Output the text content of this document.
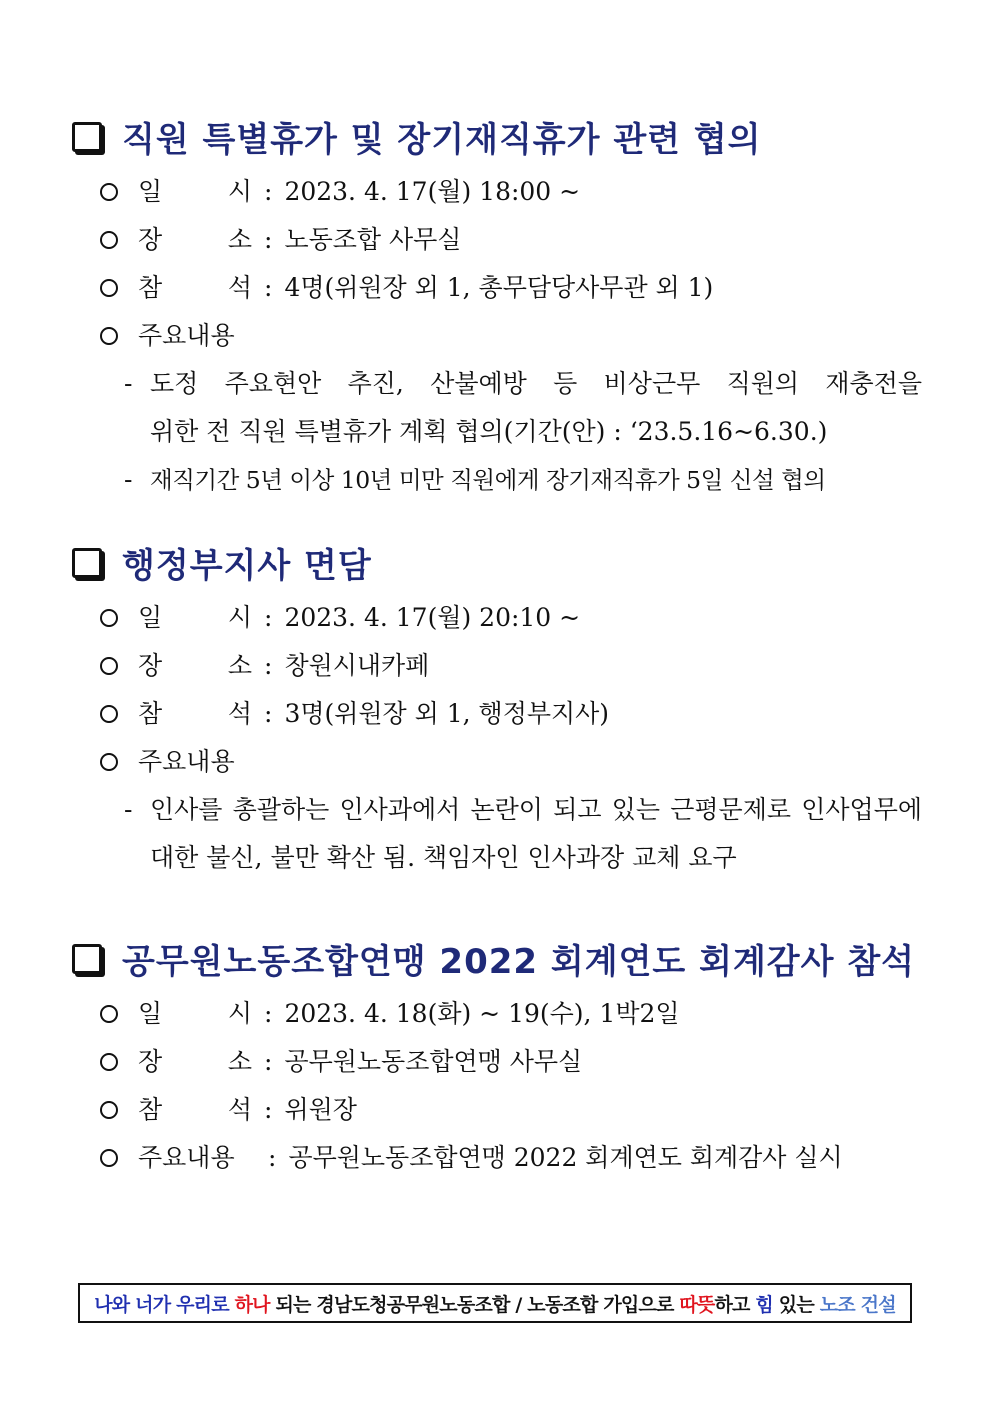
직원 특별휴가 및 장기재직휴가 관련 협의
일	시 : 2023. 4. 17(월) 18:00 ~
장	소 : 노동조합 사무실
참	석 : 4명(위원장 외 1, 총무담당사무관 외 1)
주요내용
- 도정 주요현안 추진, 산불예방 등 비상근무 직원의 재충전을
위한 전 직원 특별휴가 계획 협의(기간(안) : ‘23.5.16~6.30.)
- 재직기간 5년 이상 10년 미만 직원에게 장기재직휴가 5일 신설 협의
행정부지사 면담
일	시 : 2023. 4. 17(월) 20:10 ~
장	소 : 창원시내카페
참	석 : 3명(위원장 외 1, 행정부지사)
주요내용
- 인사를 총괄하는 인사과에서 논란이 되고 있는 근평문제로 인사업무에
대한 불신, 불만 확산 됨. 책임자인 인사과장 교체 요구
공무원노동조합연맹 2022 회계연도 회계감사 참석
일	시 : 2023. 4. 18(화) ~ 19(수), 1박2일
장	소 : 공무원노동조합연맹 사무실
참	석 : 위원장
주요내용	: 공무원노동조합연맹 2022 회계연도 회계감사 실시
나와 너가 우리로 하나 되는 경남도청공무원노동조합 / 노동조합 가입으로 따뜻 하고 힘 있는 노조 건설
